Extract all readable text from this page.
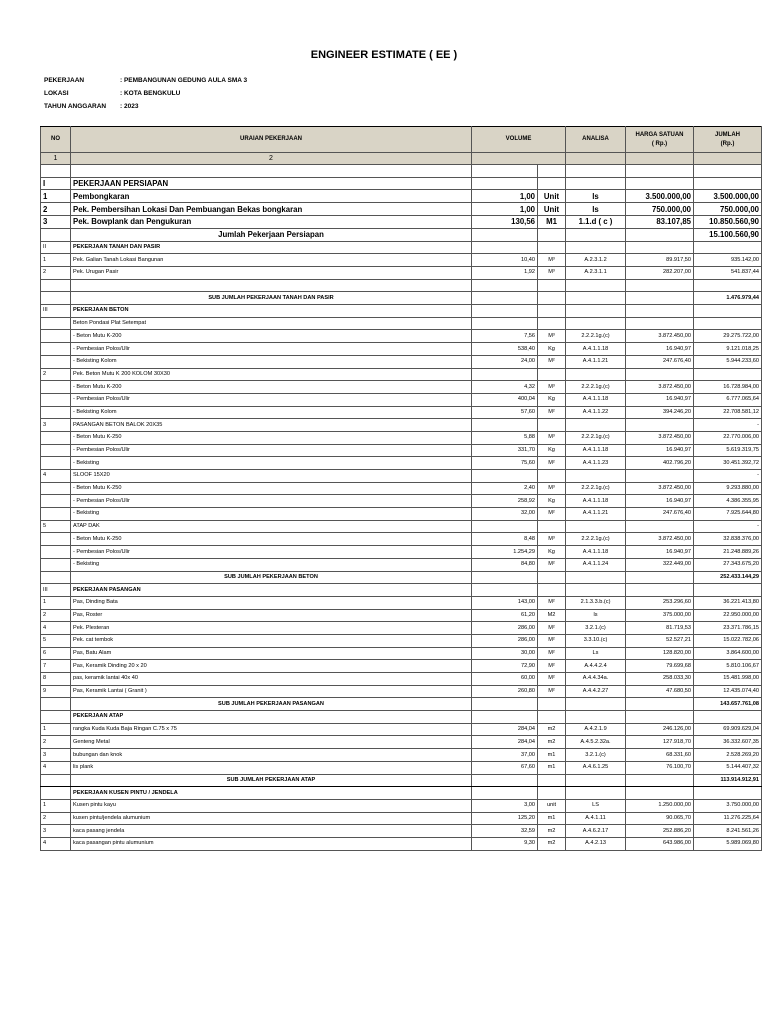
ENGINEER ESTIMATE ( EE )
PEKERJAAN	: PEMBANGUNAN GEDUNG AULA SMA 3
LOKASI	: KOTA BENGKULU
TAHUN ANGGARAN : 2023
NO	URAIAN PEKERJAAN	VOLUME		ANALISA	HARGA SATUAN
( Rp.)	JUMLAH
(Rp.)
1	2					

I	PEKERJAAN PERSIAPAN					
1	Pembongkaran	1,00	Unit	ls	3.500.000,00	3.500.000,00
2	Pek. Pembersihan Lokasi Dan Pembuangan Bekas bongkaran	1,00	Unit	ls	750.000,00	750.000,00
3	Pek. Bowplank dan Pengukuran	130,56	M1	1.1.d ( c )	83.107,85	10.850.560,90
	Jumlah Pekerjaan Persiapan					15.100.560,90
II	PEKERJAAN TANAH DAN PASIR					
1	Pek. Galian Tanah Lokasi Bangunan	10,40	M³	A.2.3.1.2	89.917,50	935.142,00
2	Pek. Urugan Pasir	1,92	M³	A.2.3.1.1	282.207,00	541.837,44

	SUB JUMLAH PEKERJAAN TANAH DAN PASIR					1.476.979,44
III	PEKERJAAN BETON					
	Beton Pondasi Plat Setempat					
	- Beton Mutu K-200	7,56	M³	2.2.2.1g.(c)	3.872.450,00	29.275.722,00
	- Pembesian Polos/Ulir	538,40	Kg	A.4.1.1.18	16.940,97	9.121.018,25
	- Bekisting Kolom	24,00	M²	A.4.1.1.21	247.676,40	5.944.233,60
2	Pek. Beton Mutu K 200 KOLOM 30X30					
	- Beton Mutu K-200	4,32	M³	2.2.2.1g.(c)	3.872.450,00	16.728.984,00
	- Pembesian Polos/Ulir	400,04	Kg	A.4.1.1.18	16.940,97	6.777.065,64
	- Bekisting Kolom	57,60	M²	A.4.1.1.22	394.246,20	22.708.581,12
3	PASANGAN BETON BALOK 20X35					-
	- Beton Mutu K-250	5,88	M³	2.2.2.1g.(c)	3.872.450,00	22.770.006,00
	- Pembesian Polos/Ulir	331,70	Kg	A.4.1.1.18	16.940,97	5.619.319,75
	- Bekisting	75,60	M²	A.4.1.1.23	402.796,20	30.451.392,72
4	SLOOF 15X20					-
	- Beton Mutu K-250	2,40	M³	2.2.2.1g.(c)	3.872.450,00	9.293.880,00
	- Pembesian Polos/Ulir	258,92	Kg	A.4.1.1.18	16.940,97	4.386.355,95
	- Bekisting	32,00	M²	A.4.1.1.21	247.676,40	7.925.644,80
5	ATAP DAK					-
	- Beton Mutu K-250	8,48	M³	2.2.2.1g.(c)	3.872.450,00	32.838.376,00
	- Pembesian Polos/Ulir	1.254,29	Kg	A.4.1.1.18	16.940,97	21.248.889,26
	- Bekisting	84,80	M²	A.4.1.1.24	322.449,00	27.343.675,20
	SUB JUMLAH PEKERJAAN BETON					252.433.144,29
III	PEKERJAAN PASANGAN					
1	Pas, Dinding Bata	143,00	M²	2.1.3.3.b.(c)	253.296,60	36.221.413,80
2	Pas, Roster	61,20	M2	ls	375.000,00	22.950.000,00
4	Pek. Plesteran	286,00	M²	3.2.1.(c)	81.719,53	23.371.786,15
5	Pek. cat tembok	286,00	M²	3.3.10.(c)	52.527,21	15.022.782,06
6	Pas, Batu Alam	30,00	M²	Ls	128.820,00	3.864.600,00
7	Pas, Keramik Dinding 20 x 20	72,90	M²	A.4.4.2.4	79.699,68	5.810.106,67
8	pas, keramik lantai 40x 40	60,00	M²	A.4.4.34a.	258.033,30	15.481.998,00
9	Pas, Keramik Lantai ( Granit )	260,80	M²	A.4.4.2.27	47.680,50	12.435.074,40
	SUB JUMLAH PEKERJAAN PASANGAN					143.657.761,08
	PEKERJAAN ATAP					
1	rangka Kuda Kuda Baja Ringan C.75 x 75	284,04	m2	A.4.2.1.9	246.126,00	69.909.629,04
2	Genteng Metal	284,04	m2	A.4.5.2.32a.	127.918,70	36.332.607,35
3	bubungan dan knok	37,00	m1	3.2.1.(c)	68.331,60	2.528.269,20
4	lis plank	67,60	m1	A.4.6.1.25	76.100,70	5.144.407,32
	SUB JUMLAH PEKERJAAN ATAP					113.914.912,91
	PEKERJAAN KUSEN PINTU / JENDELA					
1	Kusen pintu kayu	3,00	unit	LS	1.250.000,00	3.750.000,00
2	kusen pintu/jendela alumunium	125,20	m1	A.4.1.11	90.065,70	11.276.225,64
3	kaca pasang jendela	32,59	m2	A.4.6.2.17	252.886,20	8.241.561,26
4	kaca pasangan pintu alumunium	9,30	m2	A.4.2.13	643.986,00	5.989.069,80
